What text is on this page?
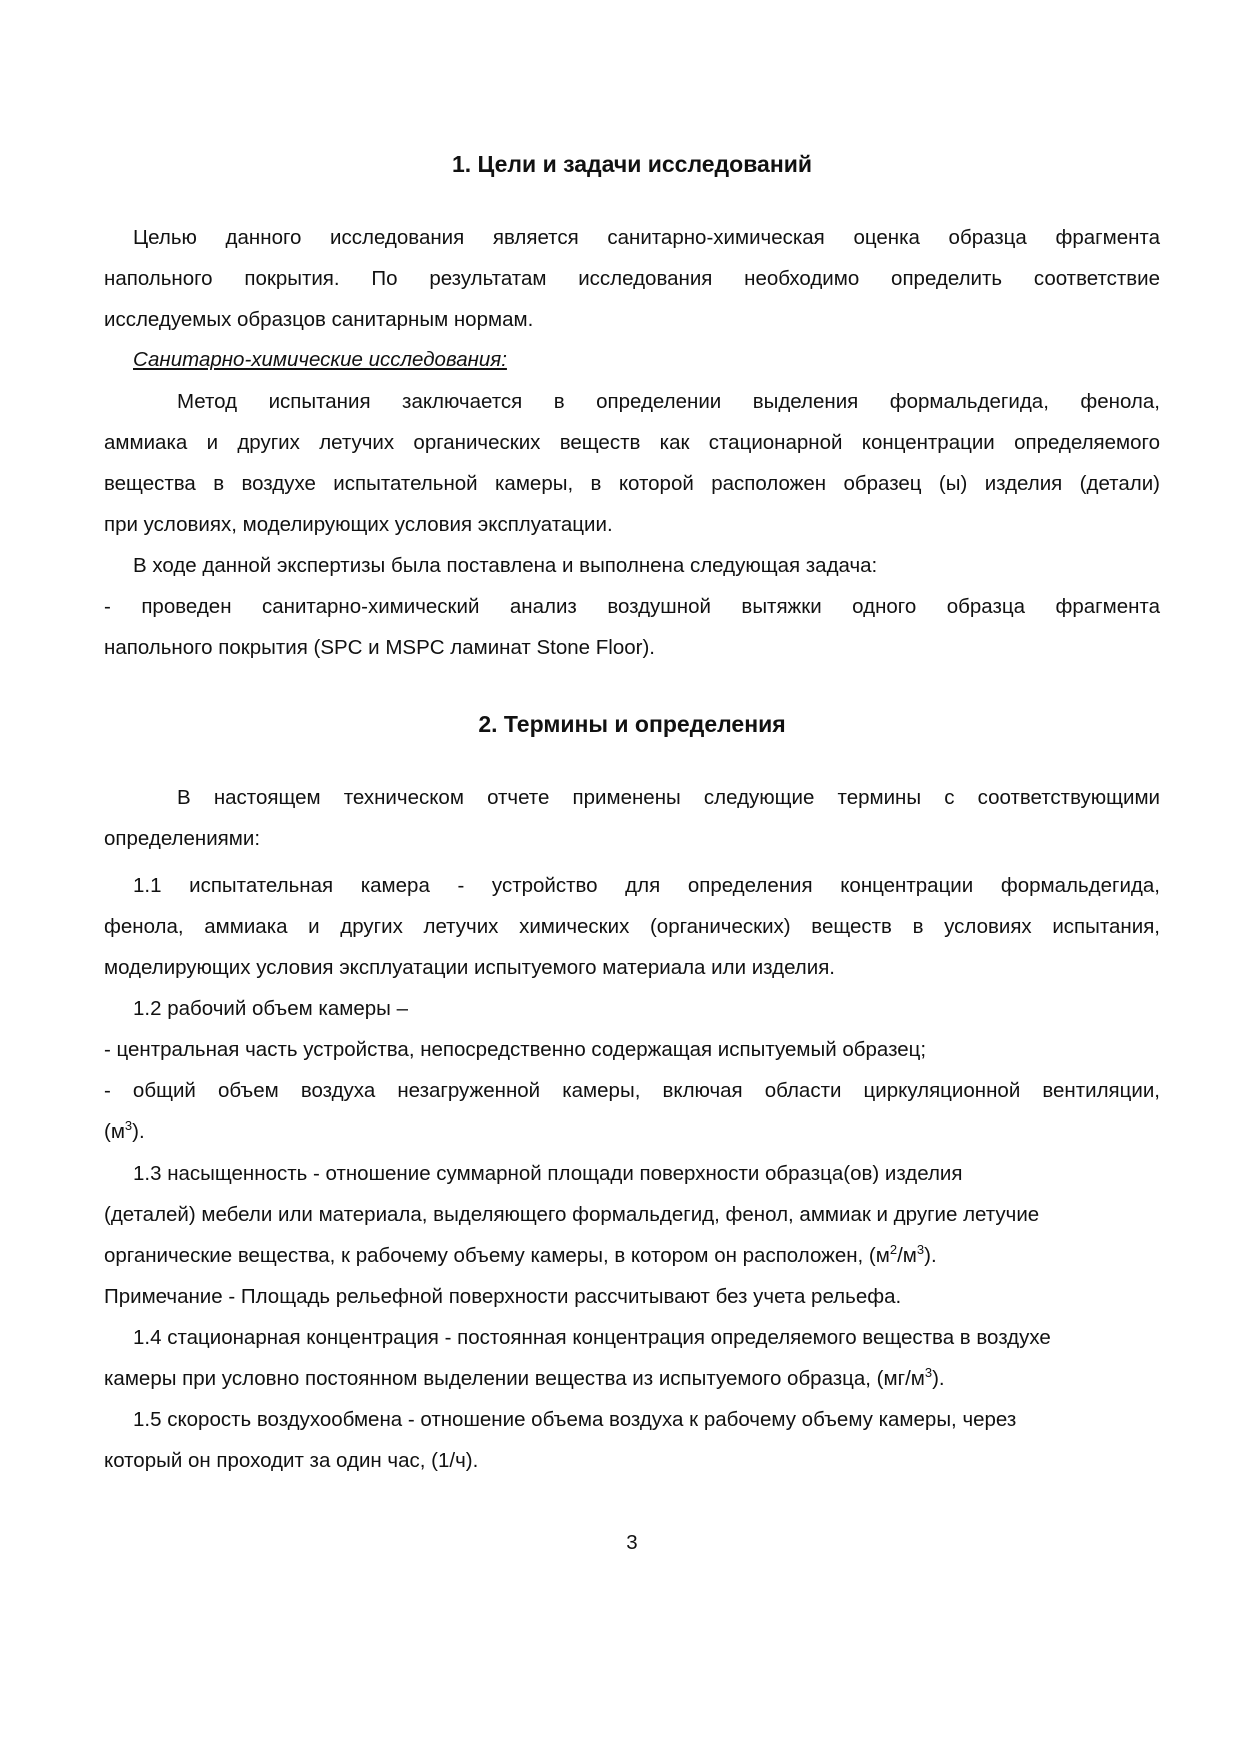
1. Цели и задачи исследований
Целью данного исследования является санитарно-химическая оценка образца фрагмента
напольного покрытия. По результатам исследования необходимо определить соответствие
исследуемых образцов санитарным нормам.
Санитарно-химические исследования:
Метод испытания заключается в определении выделения формальдегида, фенола,
аммиака и других летучих органических веществ как стационарной концентрации определяемого
вещества в воздухе испытательной камеры, в которой расположен образец (ы) изделия (детали)
при условиях, моделирующих условия эксплуатации.
В ходе данной экспертизы была поставлена и выполнена следующая задача:
- проведен санитарно-химический анализ воздушной вытяжки одного образца фрагмента
напольного покрытия (SPC и MSPC ламинат Stone Floor).
2. Термины и определения
В настоящем техническом отчете применены следующие термины с соответствующими
определениями:
1.1 испытательная камера - устройство для определения концентрации формальдегида,
фенола, аммиака и других летучих химических (органических) веществ в условиях испытания,
моделирующих условия эксплуатации испытуемого материала или изделия.
1.2 рабочий объем камеры –
- центральная часть устройства, непосредственно содержащая испытуемый образец;
- общий объем воздуха незагруженной камеры, включая области циркуляционной вентиляции,
$(м^3)$.
1.3 насыщенность - отношение суммарной площади поверхности образца(ов) изделия
(деталей) мебели или материала, выделяющего формальдегид, фенол, аммиак и другие летучие
органические вещества, к рабочему объему камеры, в котором он расположен, $(м^2/м^3)$.
Примечание - Площадь рельефной поверхности рассчитывают без учета рельефа.
1.4 стационарная концентрация - постоянная концентрация определяемого вещества в воздухе
камеры при условно постоянном выделении вещества из испытуемого образца, $(мг/м^3)$.
1.5 скорость воздухообмена - отношение объема воздуха к рабочему объему камеры, через
который он проходит за один час, (1/ч).
3
